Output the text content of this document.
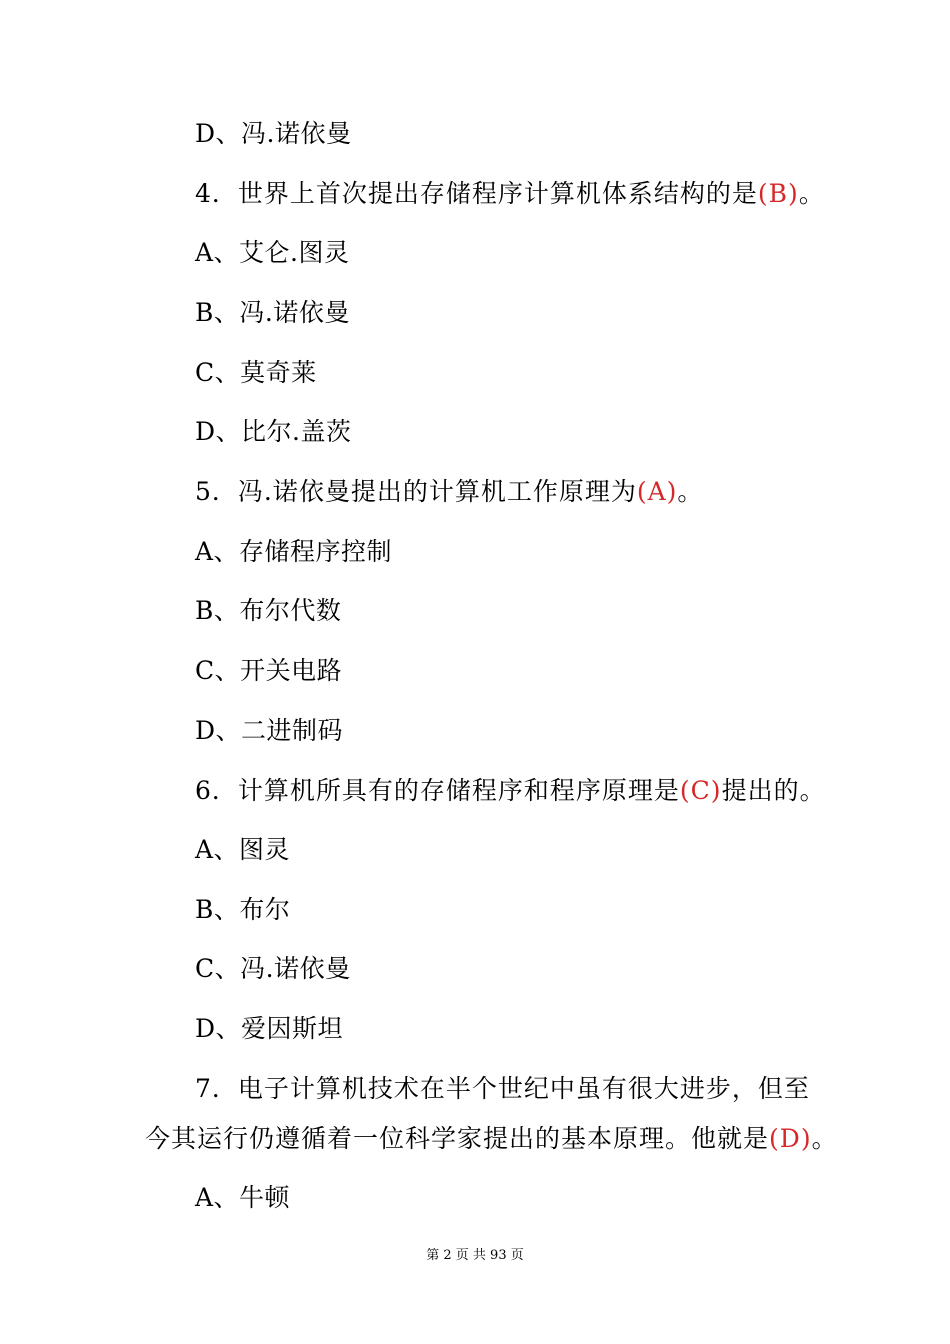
D、冯.诺依曼
4．世界上首次提出存储程序计算机体系结构的是(B)。
A、艾仑.图灵
B、冯.诺依曼
C、莫奇莱
D、比尔.盖茨
5．冯.诺依曼提出的计算机工作原理为(A)。
A、存储程序控制
B、布尔代数
C、开关电路
D、二进制码
6．计算机所具有的存储程序和程序原理是(C)提出的。
A、图灵
B、布尔
C、冯.诺依曼
D、爱因斯坦
7．电子计算机技术在半个世纪中虽有很大进步，但至
今其运行仍遵循着一位科学家提出的基本原理。他就是(D)。
A、牛顿
第 2 页 共 93 页
